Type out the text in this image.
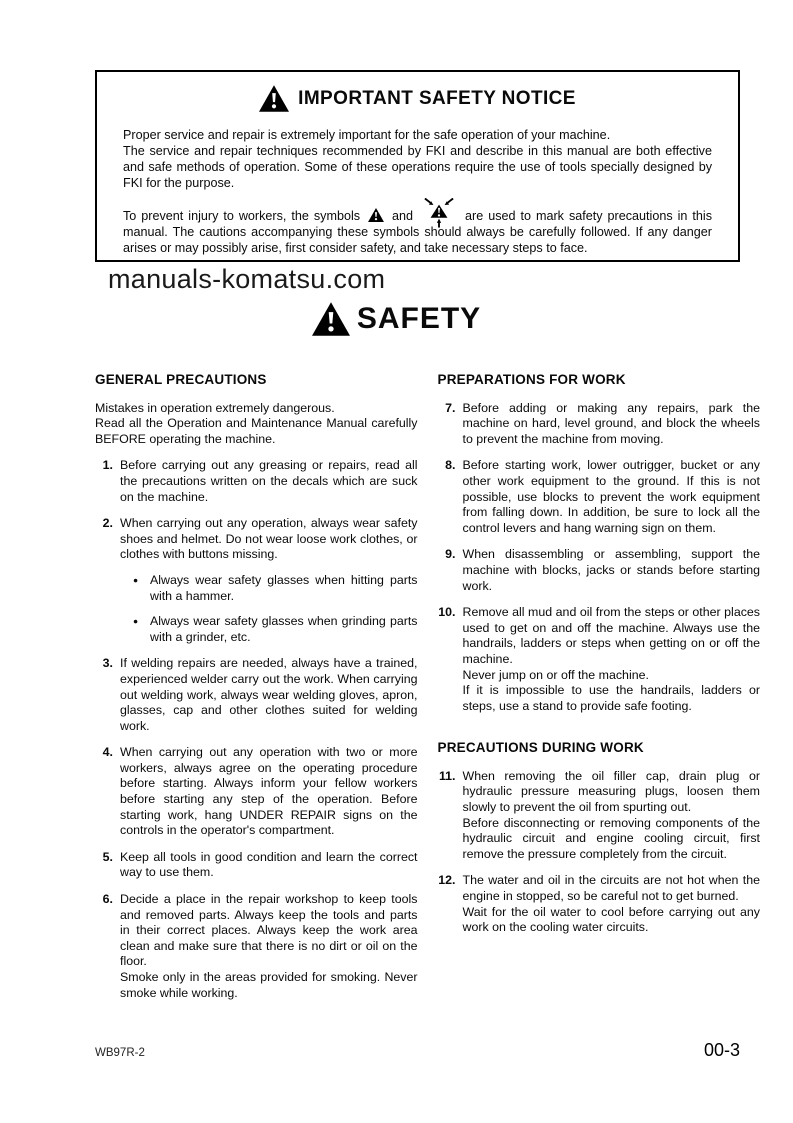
IMPORTANT SAFETY NOTICE

Proper service and repair is extremely important for the safe operation of your machine.

The service and repair techniques recommended by FKI and describe in this manual are both effective and safe methods of operation. Some of these operations require the use of tools specially designed by FKI for the purpose.

To prevent injury to workers, the symbols	and	are used to mark safety precautions in this manual. The cautions accompanying these symbols should always be carefully followed. If any danger arises or may possibly arise, first consider safety, and take necessary steps to face.

manuals-komatsu.com
SAFETY
GENERAL PRECAUTIONS

Mistakes in operation extremely dangerous.

Read all the Operation and Maintenance Manual carefully BEFORE operating the machine.

1. Before carrying out any greasing or repairs, read all the precautions written on the decals which are suck on the machine.
2. When carrying out any operation, always wear safety shoes and helmet. Do not wear loose work clothes, or clothes with buttons missing.
● Always wear safety glasses when hitting parts with a hammer.
● Always wear safety glasses when grinding parts with a grinder, etc.
3. If welding repairs are needed, always have a trained, experienced welder carry out the work. When carrying out welding work, always wear welding gloves, apron, glasses, cap and other clothes suited for welding work.
4. When carrying out any operation with two or more workers, always agree on the operating procedure before starting. Always inform your fellow workers before starting any step of the operation. Before starting work, hang UNDER REPAIR signs on the controls in the operator's compartment.
5. Keep all tools in good condition and learn the correct way to use them.
6. Decide a place in the repair workshop to keep tools and removed parts. Always keep the tools and parts in their correct places. Always keep the work area clean and make sure that there is no dirt or oil on the floor.
Smoke only in the areas provided for smoking. Never smoke while working.
PREPARATIONS FOR WORK
7. Before adding or making any repairs, park the machine on hard, level ground, and block the wheels to prevent the machine from moving.
8. Before starting work, lower outrigger, bucket or any other work equipment to the ground. If this is not possible, use blocks to prevent the work equipment from falling down. In addition, be sure to lock all the control levers and hang warning sign on them.
9. When disassembling or assembling, support the machine with blocks, jacks or stands before starting work.
10. Remove all mud and oil from the steps or other places used to get on and off the machine. Always use the handrails, ladders or steps when getting on or off the machine.
Never jump on or off the machine.
If it is impossible to use the handrails, ladders or steps, use a stand to provide safe footing.
PRECAUTIONS DURING WORK
11. When removing the oil filler cap, drain plug or hydraulic pressure measuring plugs, loosen them slowly to prevent the oil from spurting out.
Before disconnecting or removing components of the hydraulic circuit and engine cooling circuit, first remove the pressure completely from the circuit.
12. The water and oil in the circuits are not hot when the engine in stopped, so be careful not to get burned.
Wait for the oil water to cool before carrying out any work on the cooling water circuits.
WB97R-2	00-3
